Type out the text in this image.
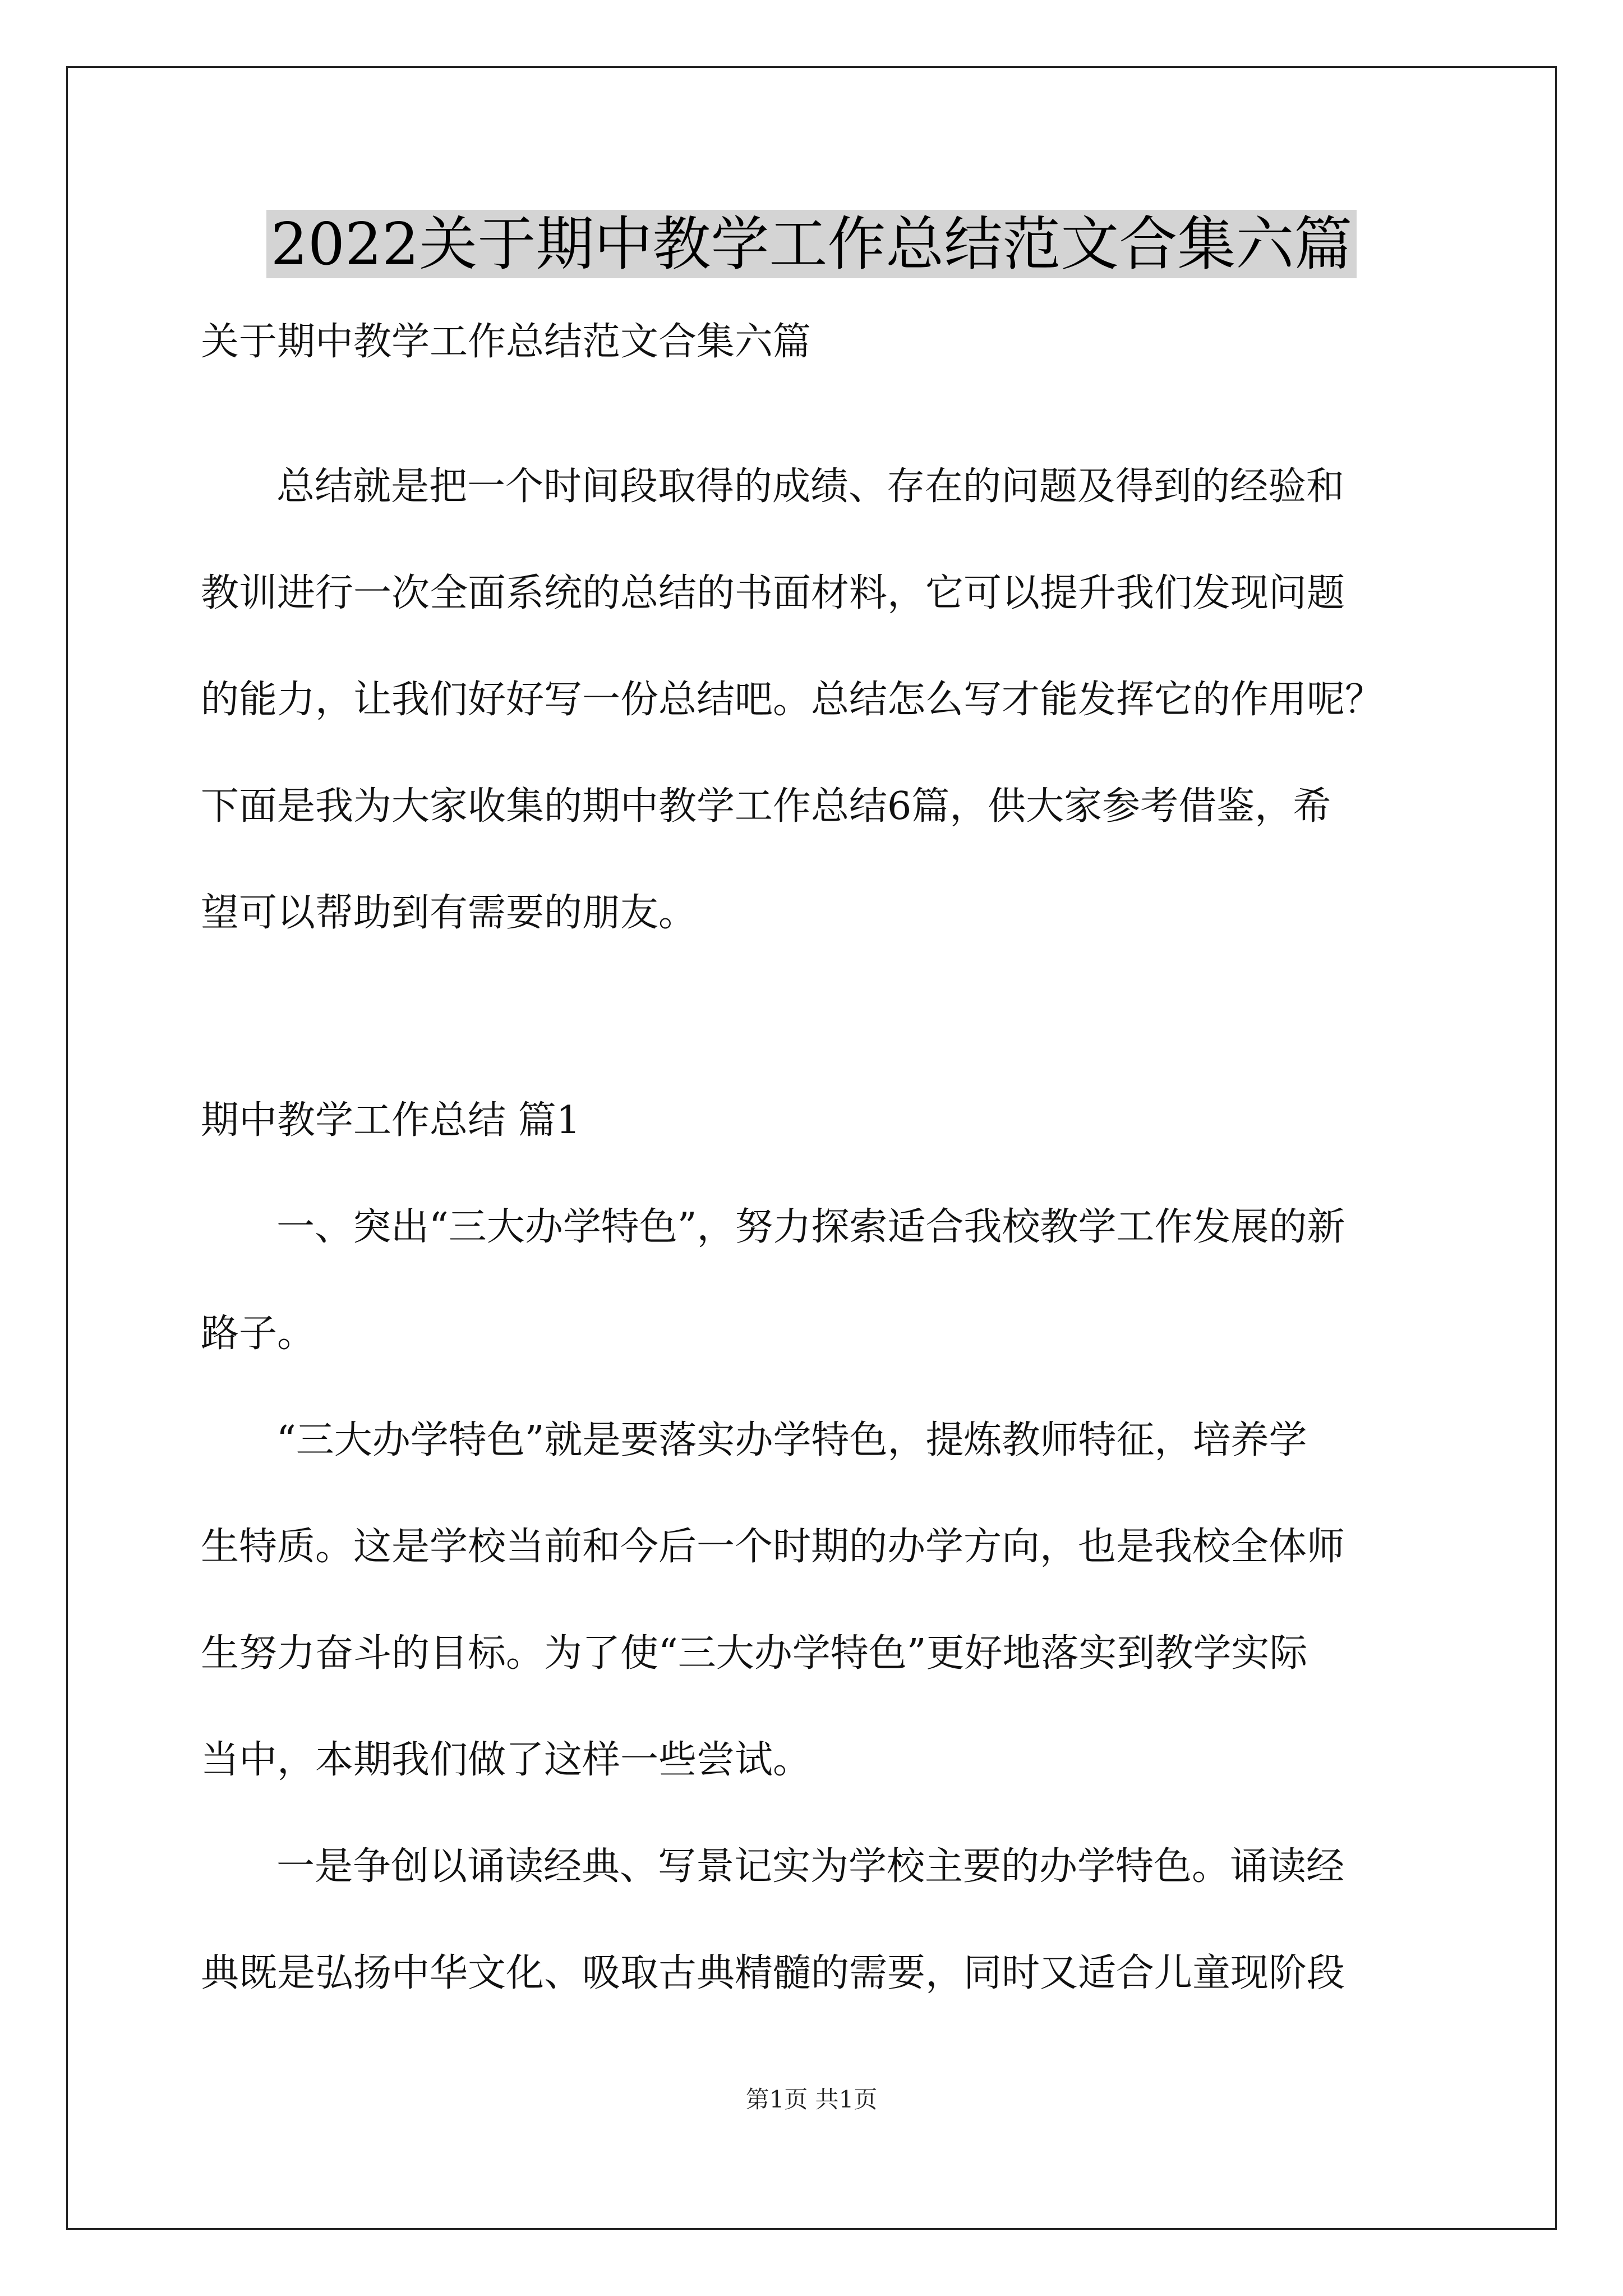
2022关于期中教学工作总结范文合集六篇
关于期中教学工作总结范文合集六篇
总结就是把一个时间段取得的成绩、存在的问题及得到的经验和
教训进行一次全面系统的总结的书面材料，它可以提升我们发现问题
的能力，让我们好好写一份总结吧。总结怎么写才能发挥它的作用呢？
下面是我为大家收集的期中教学工作总结6篇，供大家参考借鉴，希
望可以帮助到有需要的朋友。
期中教学工作总结 篇1
一、突出“三大办学特色”，努力探索适合我校教学工作发展的新
路子。
“三大办学特色”就是要落实办学特色，提炼教师特征，培养学
生特质。这是学校当前和今后一个时期的办学方向，也是我校全体师
生努力奋斗的目标。为了使“三大办学特色”更好地落实到教学实际
当中，本期我们做了这样一些尝试。
一是争创以诵读经典、写景记实为学校主要的办学特色。诵读经
典既是弘扬中华文化、吸取古典精髓的需要，同时又适合儿童现阶段
第1页 共1页
